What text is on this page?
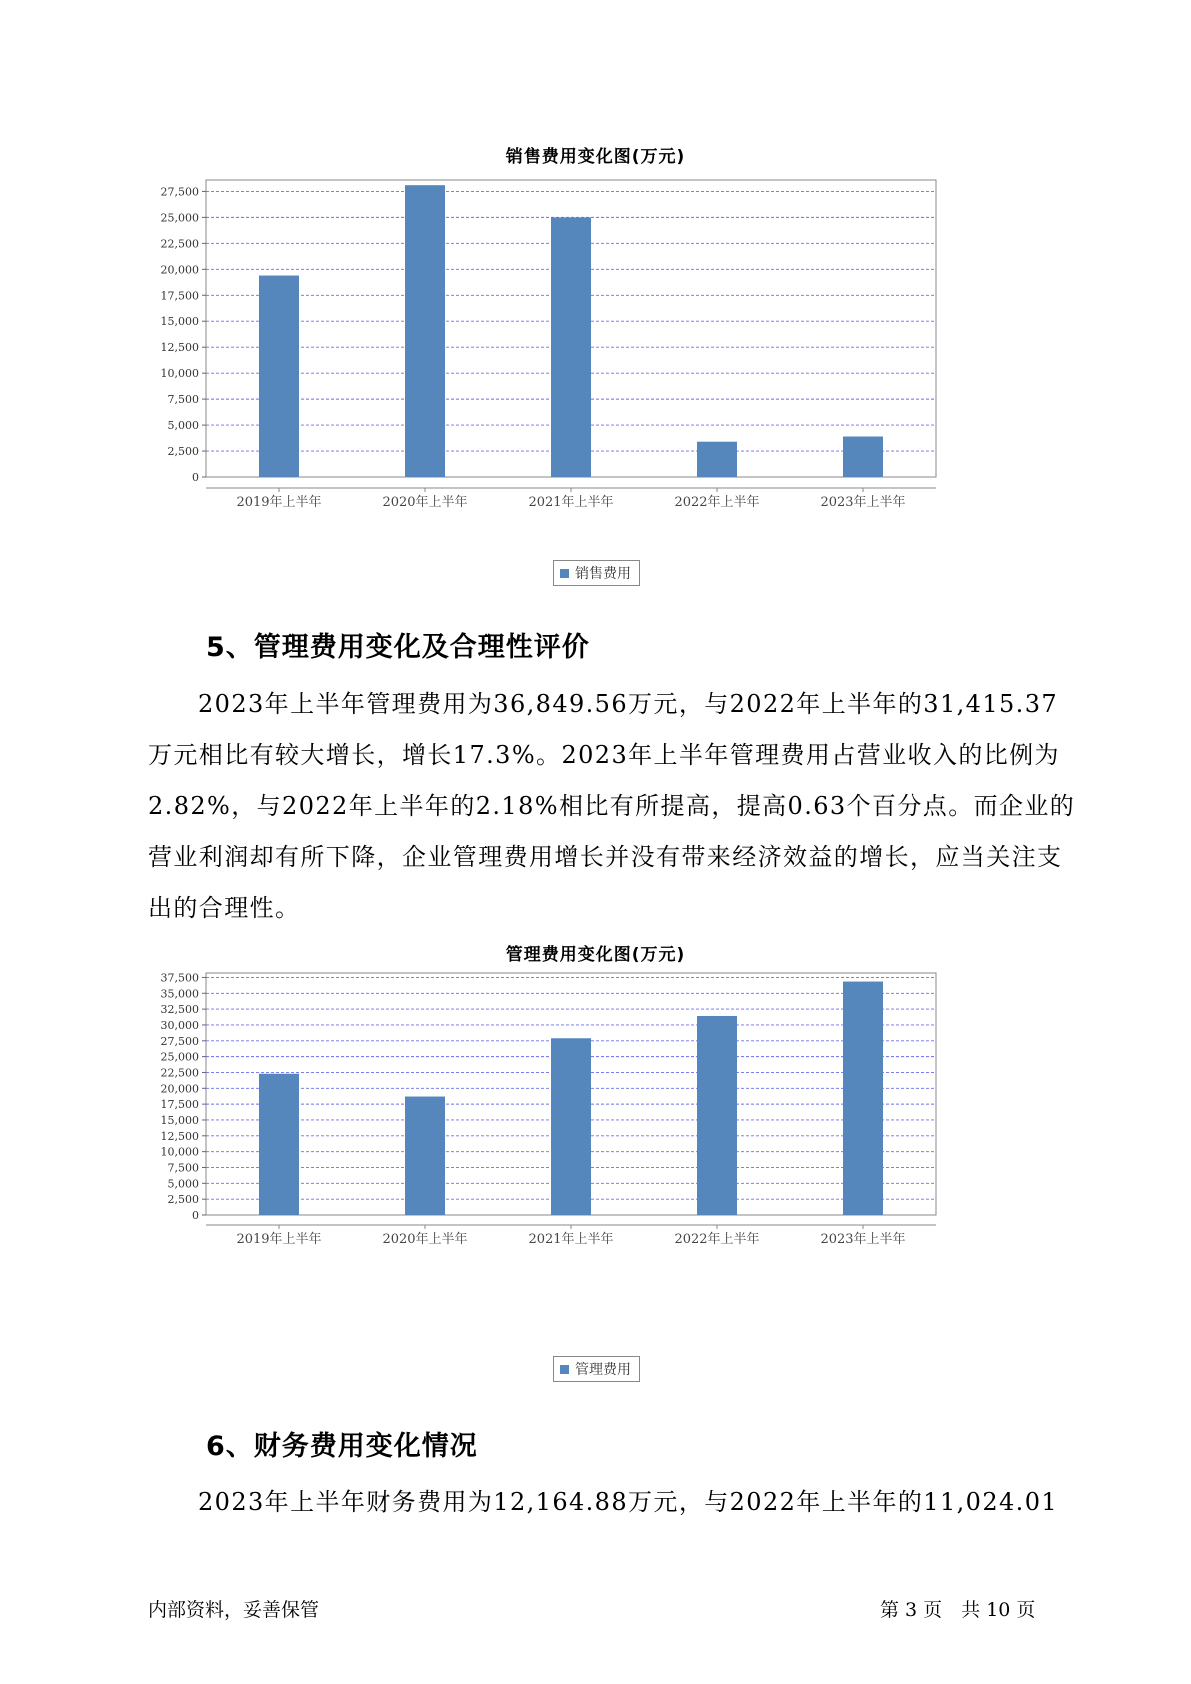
销售费用变化图(万元)
0
2,500
5,000
7,500
10,000
12,500
15,000
17,500
20,000
22,500
25,000
27,500
2019年上半年	2020年上半年	2021年上半年	2022年上半年	2023年上半年
销售费用
5、管理费用变化及合理性评价

2023年上半年管理费用为36,849.56万元，与2022年上半年的31,415.37万元相比有较大增长，增长17.3%。2023年上半年管理费用占营业收入的比例为2.82%，与2022年上半年的2.18%相比有所提高，提高0.63个百分点。而企业的营业利润却有所下降，企业管理费用增长并没有带来经济效益的增长，应当关注支出的合理性。

管理费用变化图(万元)
0
2,500
5,000
7,500
10,000
12,500
15,000
17,500
20,000
22,500
25,000
27,500
30,000
32,500
35,000
37,500
2019年上半年	2020年上半年	2021年上半年	2022年上半年	2023年上半年
管理费用
6、财务费用变化情况

2023年上半年财务费用为12,164.88万元，与2022年上半年的11,024.01

内部资料，妥善保管	第 3 页　共 10 页
